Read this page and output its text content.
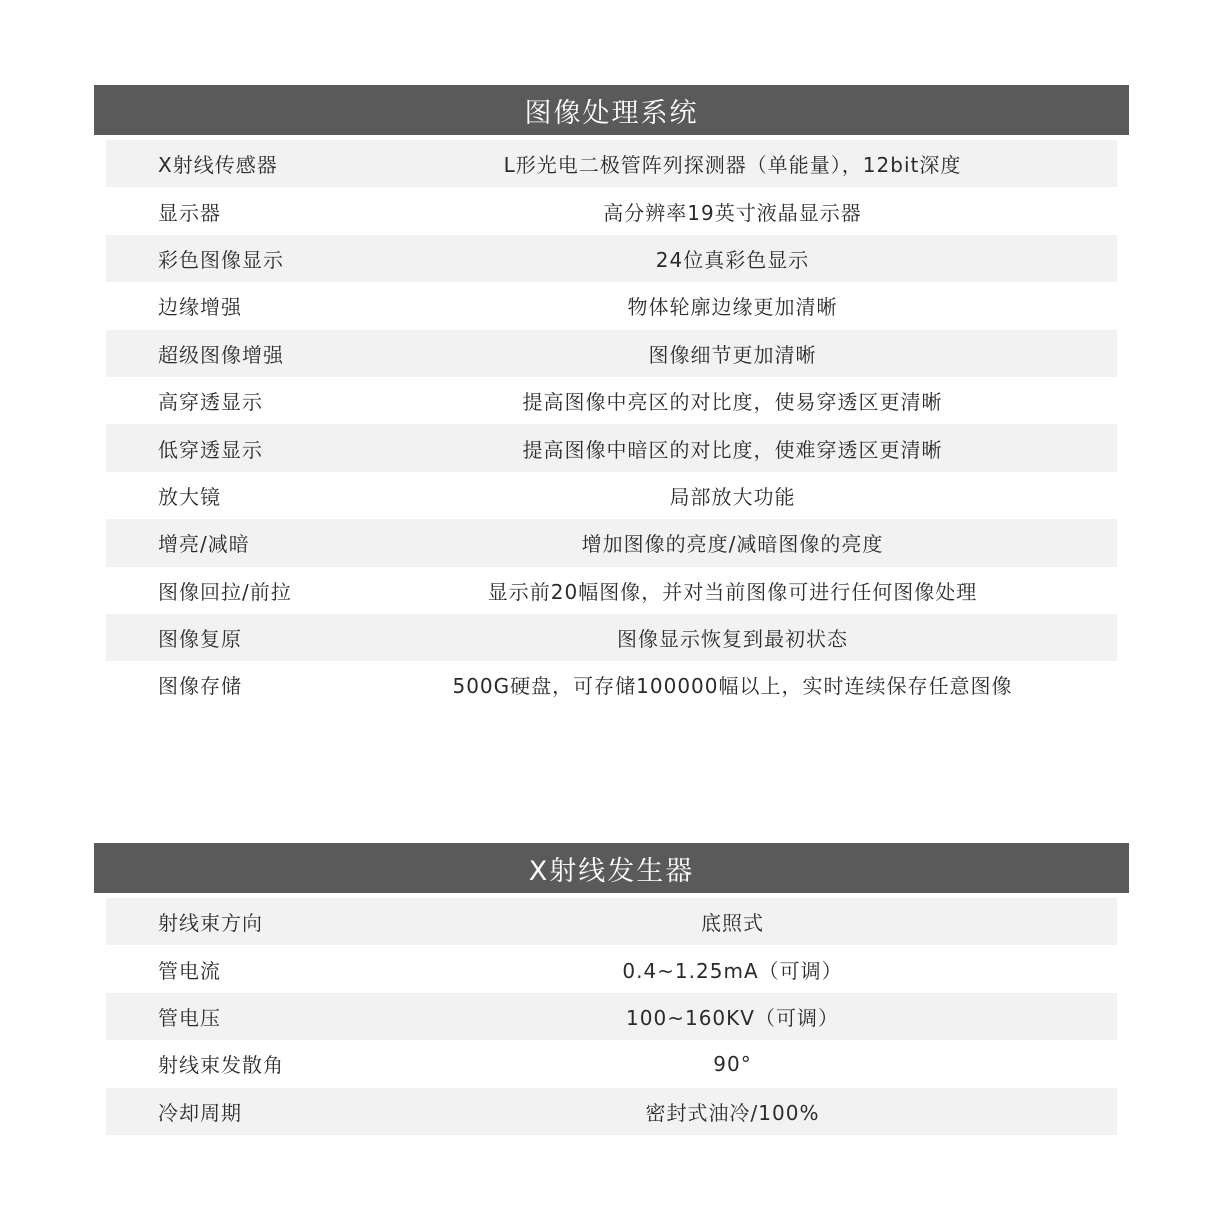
图像处理系统
X射线传感器	L形光电二极管阵列探测器（单能量），12bit深度
显示器	高分辨率19英寸液晶显示器
彩色图像显示	24位真彩色显示
边缘增强	物体轮廓边缘更加清晰
超级图像增强	图像细节更加清晰
高穿透显示	提高图像中亮区的对比度，使易穿透区更清晰
低穿透显示	提高图像中暗区的对比度，使难穿透区更清晰
放大镜	局部放大功能
增亮/减暗	增加图像的亮度/减暗图像的亮度
图像回拉/前拉	显示前20幅图像，并对当前图像可进行任何图像处理
图像复原	图像显示恢复到最初状态
图像存储	500G硬盘，可存储100000幅以上，实时连续保存任意图像
X射线发生器
射线束方向	底照式
管电流	0.4~1.25mA（可调）
管电压	100~160KV（可调）
射线束发散角	90°
冷却周期	密封式油冷/100%
